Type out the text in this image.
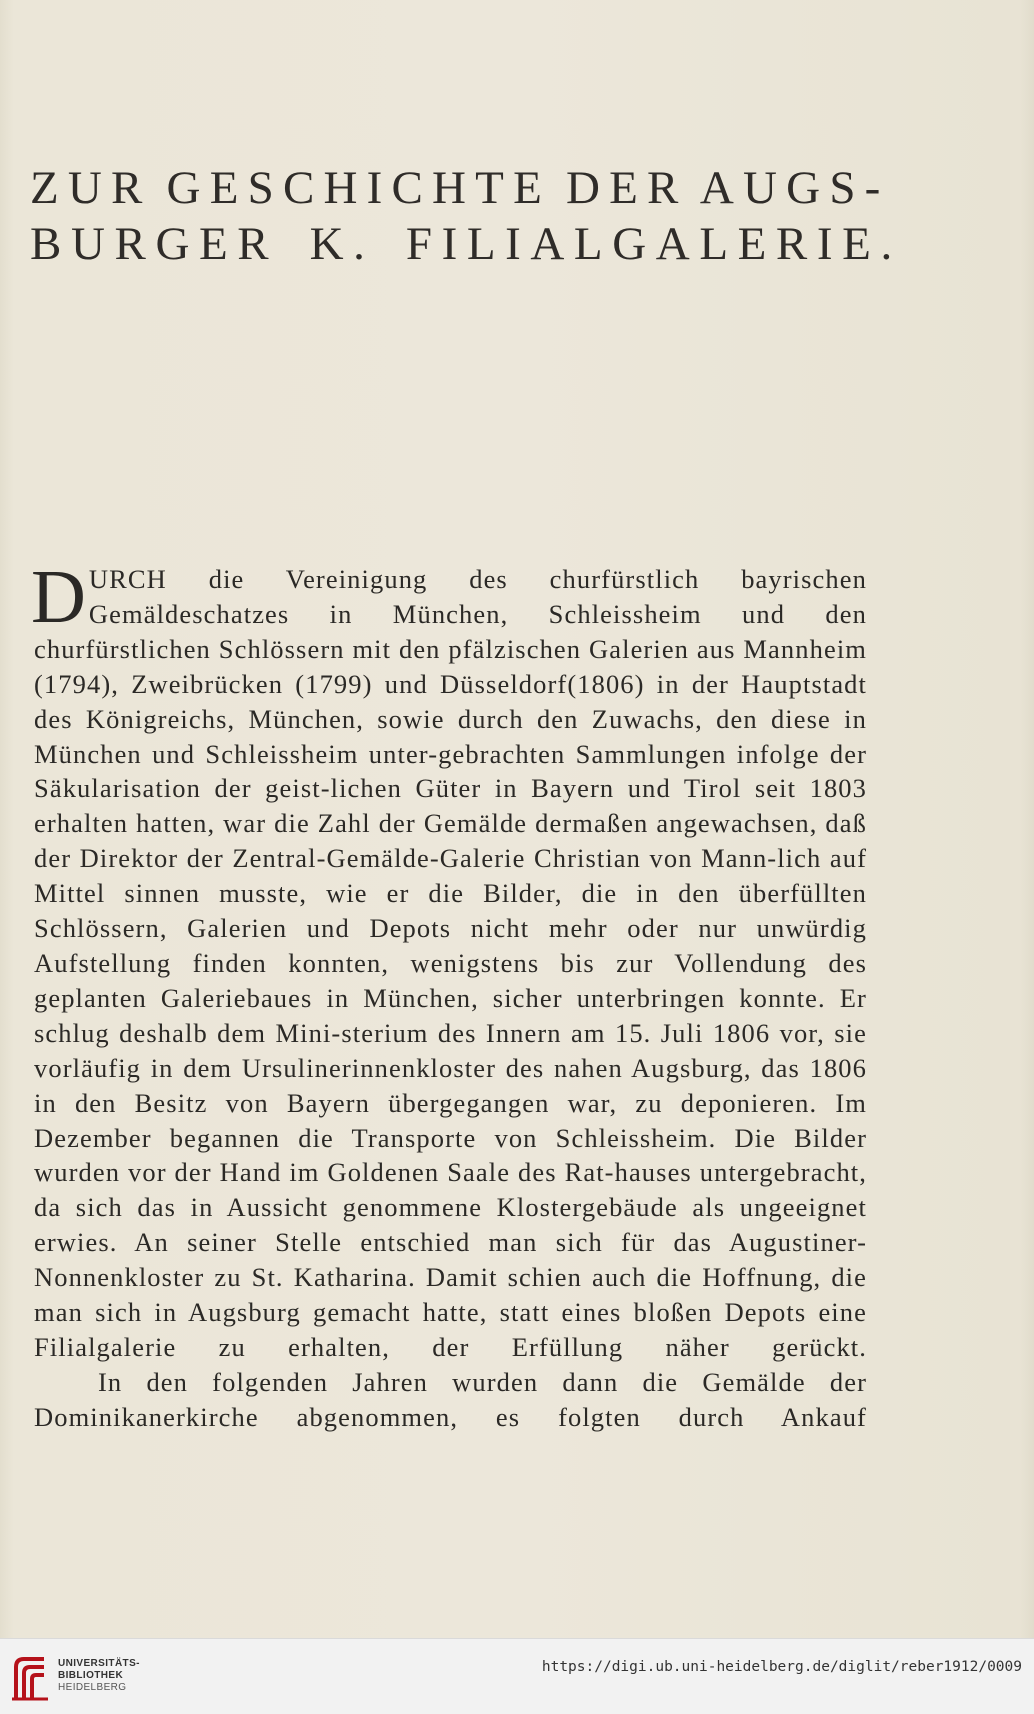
ZUR GESCHICHTE DER AUGS-
BURGER K. FILIALGALERIE.

DURCH die Vereinigung des churfürstlich bayrischen Gemäldeschatzes in München, Schleissheim und den churfürstlichen Schlössern mit den pfälzischen Galerien aus Mannheim (1794), Zweibrücken (1799) und Düsseldorf(1806) in der Hauptstadt des Königreichs, München, sowie durch den Zuwachs, den diese in München und Schleissheim unter-gebrachten Sammlungen infolge der Säkularisation der geist-lichen Güter in Bayern und Tirol seit 1803 erhalten hatten, war die Zahl der Gemälde dermaßen angewachsen, daß der Direktor der Zentral-Gemälde-Galerie Christian von Mann-lich auf Mittel sinnen musste, wie er die Bilder, die in den überfüllten Schlössern, Galerien und Depots nicht mehr oder nur unwürdig Aufstellung finden konnten, wenigstens bis zur Vollendung des geplanten Galeriebaues in München, sicher unterbringen konnte. Er schlug deshalb dem Mini-sterium des Innern am 15. Juli 1806 vor, sie vorläufig in dem Ursulinerinnenkloster des nahen Augsburg, das 1806 in den Besitz von Bayern übergegangen war, zu deponieren. Im Dezember begannen die Transporte von Schleissheim. Die Bilder wurden vor der Hand im Goldenen Saale des Rat-hauses untergebracht, da sich das in Aussicht genommene Klostergebäude als ungeeignet erwies. An seiner Stelle entschied man sich für das Augustiner-Nonnenkloster zu St. Katharina. Damit schien auch die Hoffnung, die man sich in Augsburg gemacht hatte, statt eines bloßen Depots eine Filialgalerie zu erhalten, der Erfüllung näher gerückt.

In den folgenden Jahren wurden dann die Gemälde der Dominikanerkirche abgenommen, es folgten durch Ankauf

UNIVERSITÄTS-
BIBLIOTHEK
HEIDELBERG
https://digi.ub.uni-heidelberg.de/diglit/reber1912/0009
